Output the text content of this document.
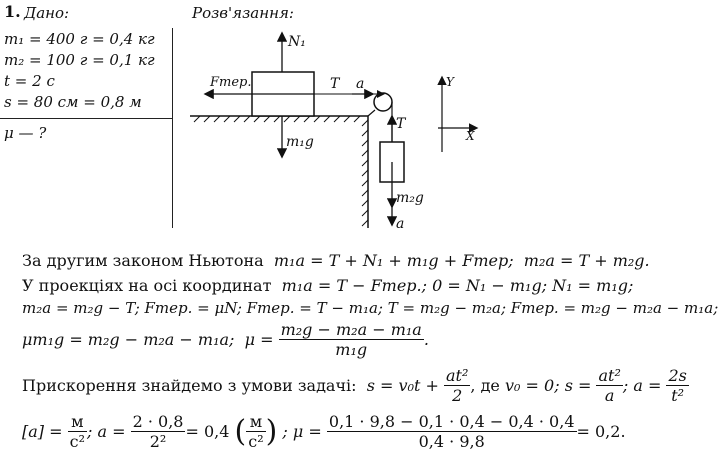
1. Дано:
m₁ = 400 г = 0,4 кг
m₂ = 100 г = 0,1 кг
t = 2 с
s = 80 см = 0,8 м
μ — ?
Розв'язання:
N₁
Fтер.	T a
m₁g
T
m₂g
a
Y
X
За другим законом Ньютона m₁a = T + N₁ + m₁g + Fтер; m₂a = T + m₂g.
У проекціях на осі координат m₁a = T − Fтер.; 0 = N₁ − m₁g; N₁ = m₁g;
m₂a = m₂g − T; Fтер. = μN; Fтер. = T − m₁a; T = m₂g − m₂a; Fтер. = m₂g − m₂a − m₁a;
μm₁g = m₂g − m₂a − m₁a; $\mu = \frac{\text{m₂g − m₂a − m₁a}}{\text{m₁g}}$ .
Прискорення знайдемо з умови задачі: $s = v_0t + \frac{\text{at²}}{2}$ , де v₀ = 0; $s = \frac{\text{at²}}{a}$ ; $a = \frac{2s}{\text{t²}}$
$[a] = \frac{м}{\text{с²}}$ ; $a = \frac{2 \cdot 0,8}{\text{2²}} = 0,4$ ( $\frac{м}{\text{с²}}$ ) ; $\mu = \frac{0,1 \cdot 9,8 - 0,1 \cdot 0,4 - 0,4 \cdot 0,4}{0,4 \cdot 9,8} = 0,2$.
